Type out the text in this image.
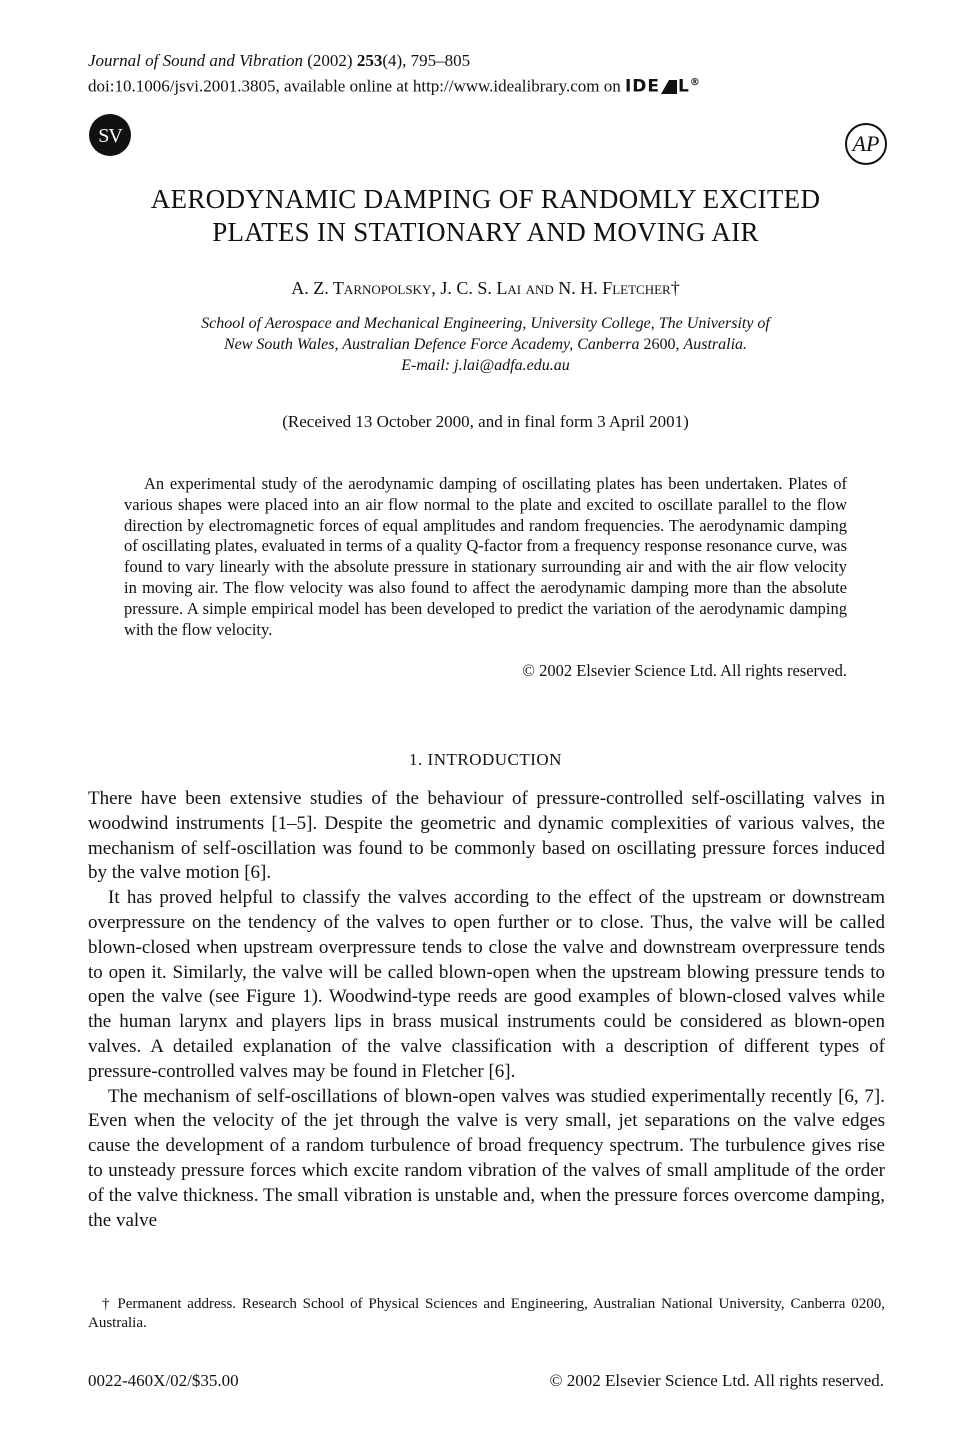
Journal of Sound and Vibration (2002) 253(4), 795–805
doi:10.1006/jsvi.2001.3805, available online at http://www.idealibrary.com on IDE L®
SV	AP
AERODYNAMIC DAMPING OF RANDOMLY EXCITED
PLATES IN STATIONARY AND MOVING AIR
A. Z. Tarnopolsky, J. C. S. Lai and N. H. Fletcher†
School of Aerospace and Mechanical Engineering, University College, The University of
New South Wales, Australian Defence Force Academy, Canberra 2600, Australia.
E-mail: j.lai@adfa.edu.au
(Received 13 October 2000, and in final form 3 April 2001)
An experimental study of the aerodynamic damping of oscillating plates has been undertaken. Plates of various shapes were placed into an air flow normal to the plate and excited to oscillate parallel to the flow direction by electromagnetic forces of equal amplitudes and random frequencies. The aerodynamic damping of oscillating plates, evaluated in terms of a quality Q-factor from a frequency response resonance curve, was found to vary linearly with the absolute pressure in stationary surrounding air and with the air flow velocity in moving air. The flow velocity was also found to affect the aerodynamic damping more than the absolute pressure. A simple empirical model has been developed to predict the variation of the aerodynamic damping with the flow velocity.
© 2002 Elsevier Science Ltd. All rights reserved.
1. INTRODUCTION

There have been extensive studies of the behaviour of pressure-controlled self-oscillating valves in woodwind instruments [1–5]. Despite the geometric and dynamic complexities of various valves, the mechanism of self-oscillation was found to be commonly based on oscillating pressure forces induced by the valve motion [6].

It has proved helpful to classify the valves according to the effect of the upstream or downstream overpressure on the tendency of the valves to open further or to close. Thus, the valve will be called blown-closed when upstream overpressure tends to close the valve and downstream overpressure tends to open it. Similarly, the valve will be called blown-open when the upstream blowing pressure tends to open the valve (see Figure 1). Woodwind-type reeds are good examples of blown-closed valves while the human larynx and players lips in brass musical instruments could be considered as blown-open valves. A detailed explanation of the valve classification with a description of different types of pressure-controlled valves may be found in Fletcher [6].

The mechanism of self-oscillations of blown-open valves was studied experimentally recently [6, 7]. Even when the velocity of the jet through the valve is very small, jet separations on the valve edges cause the development of a random turbulence of broad frequency spectrum. The turbulence gives rise to unsteady pressure forces which excite random vibration of the valves of small amplitude of the order of the valve thickness. The small vibration is unstable and, when the pressure forces overcome damping, the valve

† Permanent address. Research School of Physical Sciences and Engineering, Australian National University, Canberra 0200, Australia.
0022-460X/02/$35.00	© 2002 Elsevier Science Ltd. All rights reserved.
